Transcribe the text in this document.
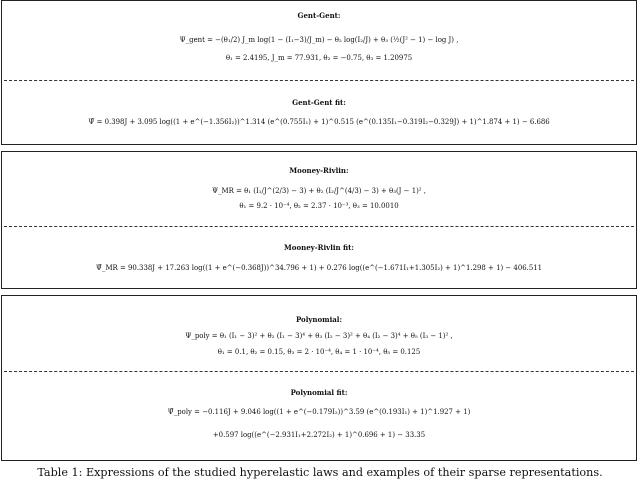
Gent-Gent:
Ψ_gent = −(θ₁/2) J_m log(1 − (I₁−3)/J_m) − θ₂ log(I₂/J) + θ₃ (½(J² − 1) − log J) ,
θ₁ = 2.4195, J_m = 77.931, θ₂ = −0.75, θ₃ = 1.20975
Gent-Gent fit:
Ψ̂ = 0.398J + 3.095 log((1 + e^(−1.356I₂))^1.314 (e^(0.755I₁) + 1)^0.515 (e^(0.135I₁−0.319I₂−0.329J) + 1)^1.874 + 1) − 6.686
Mooney-Rivlin:
Ψ_MR = θ₁ (I₁/J^(2/3) − 3) + θ₂ (I₂/J^(4/3) − 3) + θ₃(J − 1)² ,
θ₁ = 9.2 · 10⁻⁴, θ₂ = 2.37 · 10⁻³, θ₃ = 10.0010
Mooney-Rivlin fit:
Ψ̂_MR = 90.338J + 17.263 log((1 + e^(−0.368J))^34.796 + 1) + 0.276 log((e^(−1.671I₁+1.305I₂) + 1)^1.298 + 1) − 406.511
Polynomial:
Ψ_poly = θ₁ (I₁ − 3)² + θ₂ (I₁ − 3)⁴ + θ₃ (I₂ − 3)² + θ₄ (I₂ − 3)⁴ + θ₅ (I₃ − 1)² ,
θ₁ = 0.1, θ₂ = 0.15, θ₃ = 2 · 10⁻⁴, θ₄ = 1 · 10⁻⁴, θ₅ = 0.125
Polynomial fit:
Ψ̂_poly = −0.116J + 9.046 log((1 + e^(−0.179I₂))^3.59 (e^(0.193I₁) + 1)^1.927 + 1)
+0.597 log((e^(−2.931I₁+2.272I₂) + 1)^0.696 + 1) − 33.35
Table 1: Expressions of the studied hyperelastic laws and examples of their sparse representations.
